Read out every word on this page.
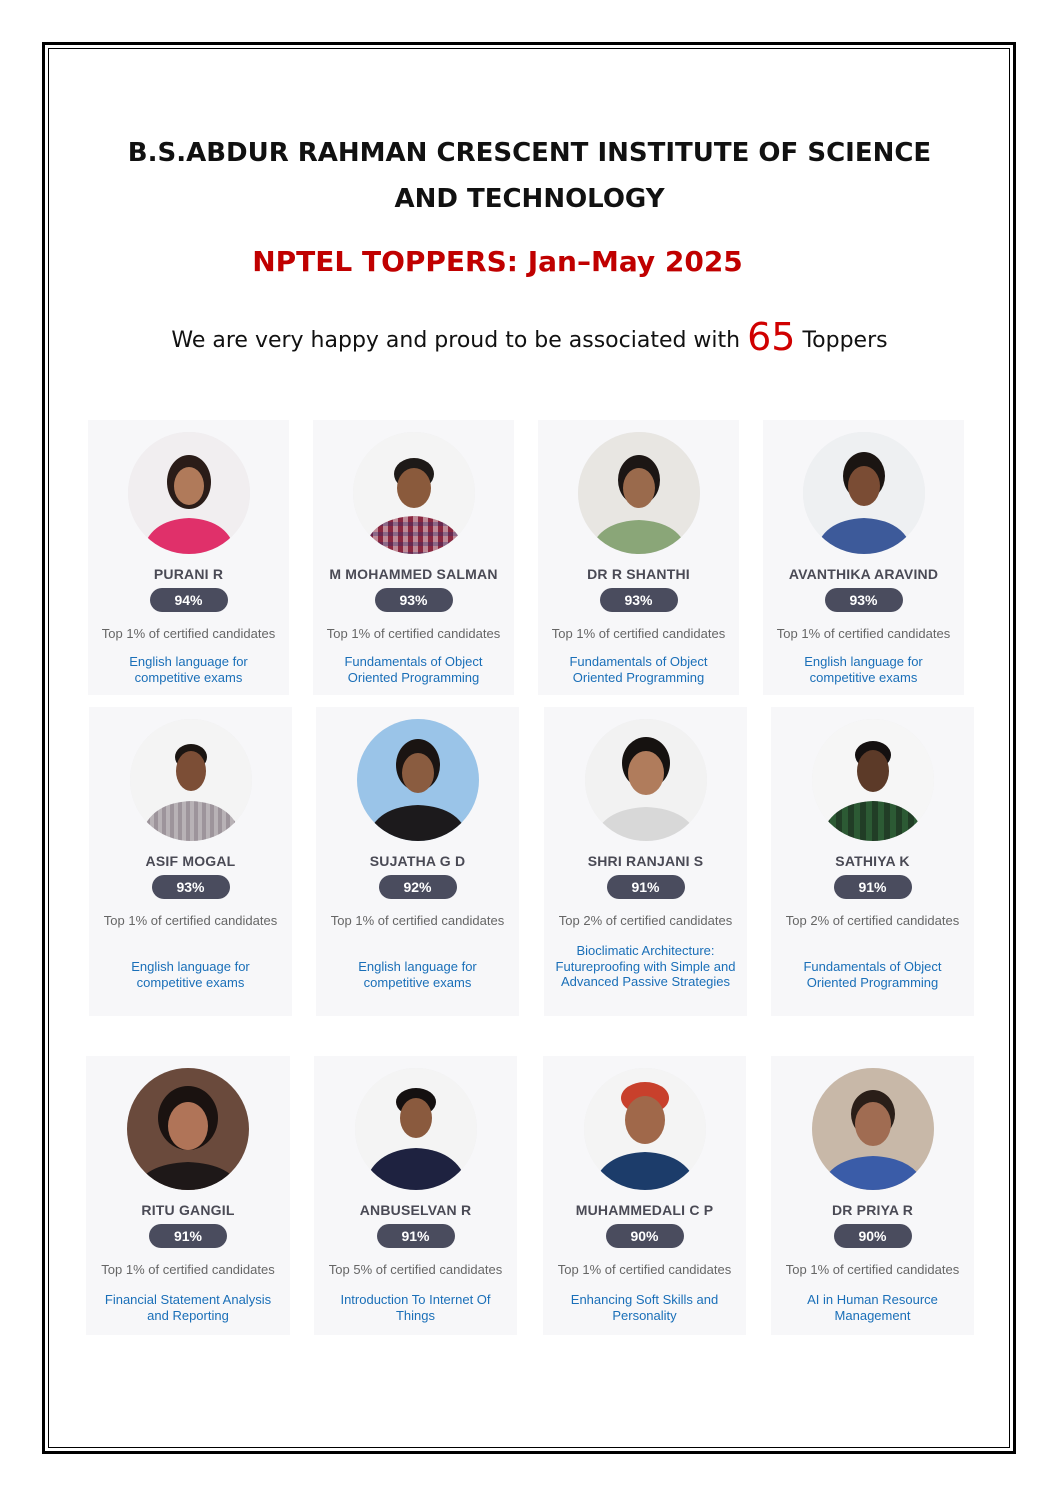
B.S.ABDUR RAHMAN CRESCENT INSTITUTE OF SCIENCE
AND TECHNOLOGY
NPTEL TOPPERS: Jan–May 2025
We are very happy and proud to be associated with 65 Toppers
PURANI R
94%
Top 1% of certified candidates
English language for competitive exams
M MOHAMMED SALMAN
93%
Top 1% of certified candidates
Fundamentals of Object Oriented Programming
DR R SHANTHI
93%
Top 1% of certified candidates
Fundamentals of Object Oriented Programming
AVANTHIKA ARAVIND
93%
Top 1% of certified candidates
English language for competitive exams
ASIF MOGAL
93%
Top 1% of certified candidates
English language for competitive exams
SUJATHA G D
92%
Top 1% of certified candidates
English language for competitive exams
SHRI RANJANI S
91%
Top 2% of certified candidates
Bioclimatic Architecture: Futureproofing with Simple and Advanced Passive Strategies
SATHIYA K
91%
Top 2% of certified candidates
Fundamentals of Object Oriented Programming
RITU GANGIL
91%
Top 1% of certified candidates
Financial Statement Analysis and Reporting
ANBUSELVAN R
91%
Top 5% of certified candidates
Introduction To Internet Of Things
MUHAMMEDALI C P
90%
Top 1% of certified candidates
Enhancing Soft Skills and Personality
DR PRIYA R
90%
Top 1% of certified candidates
AI in Human Resource Management
